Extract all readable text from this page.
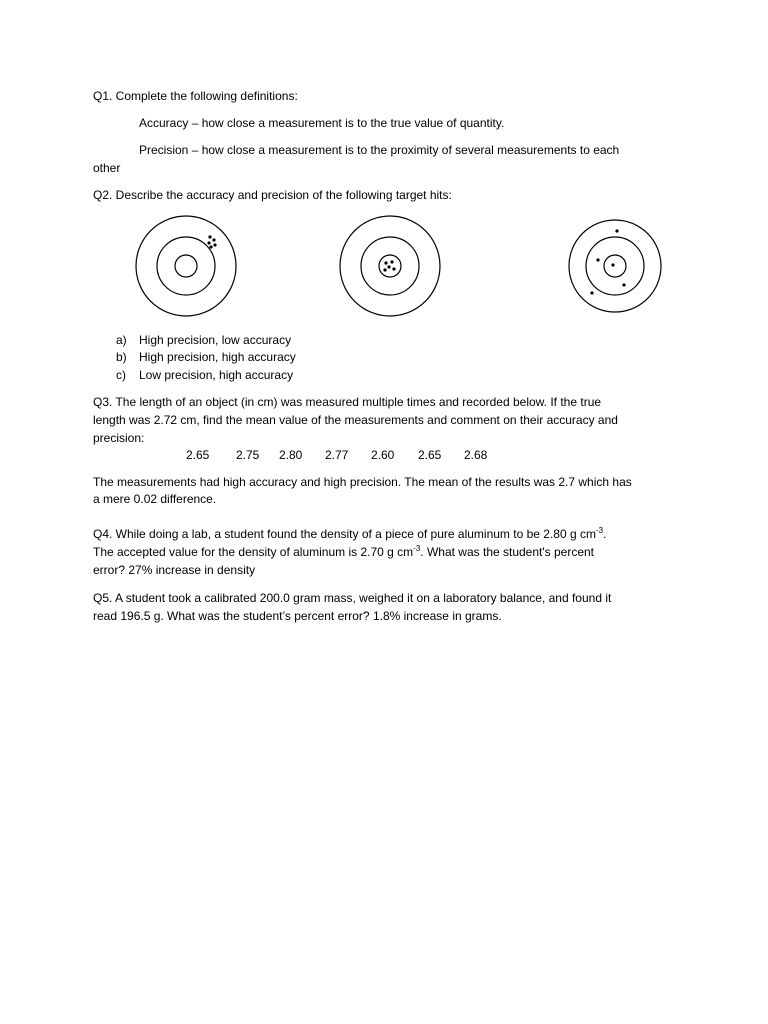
Q1. Complete the following definitions:
Accuracy – how close a measurement is to the true value of quantity.
Precision – how close a measurement is to the proximity of several measurements to each
other
Q2. Describe the accuracy and precision of the following target hits:
a) High precision, low accuracy
b) High precision, high accuracy
c) Low precision, high accuracy
Q3. The length of an object (in cm) was measured multiple times and recorded below. If the true
length was 2.72 cm, find the mean value of the measurements and comment on their accuracy and
precision:
2.65 2.75 2.80 2.77 2.60 2.65 2.68
The measurements had high accuracy and high precision. The mean of the results was 2.7 which has
a mere 0.02 difference.
Q4. While doing a lab, a student found the density of a piece of pure aluminum to be 2.80 g $cm^{-3}$.
The accepted value for the density of aluminum is 2.70 g $cm^{-3}$. What was the student's percent
error? 27% increase in density
Q5. A student took a calibrated 200.0 gram mass, weighed it on a laboratory balance, and found it
read 196.5 g. What was the student’s percent error? 1.8% increase in grams.
